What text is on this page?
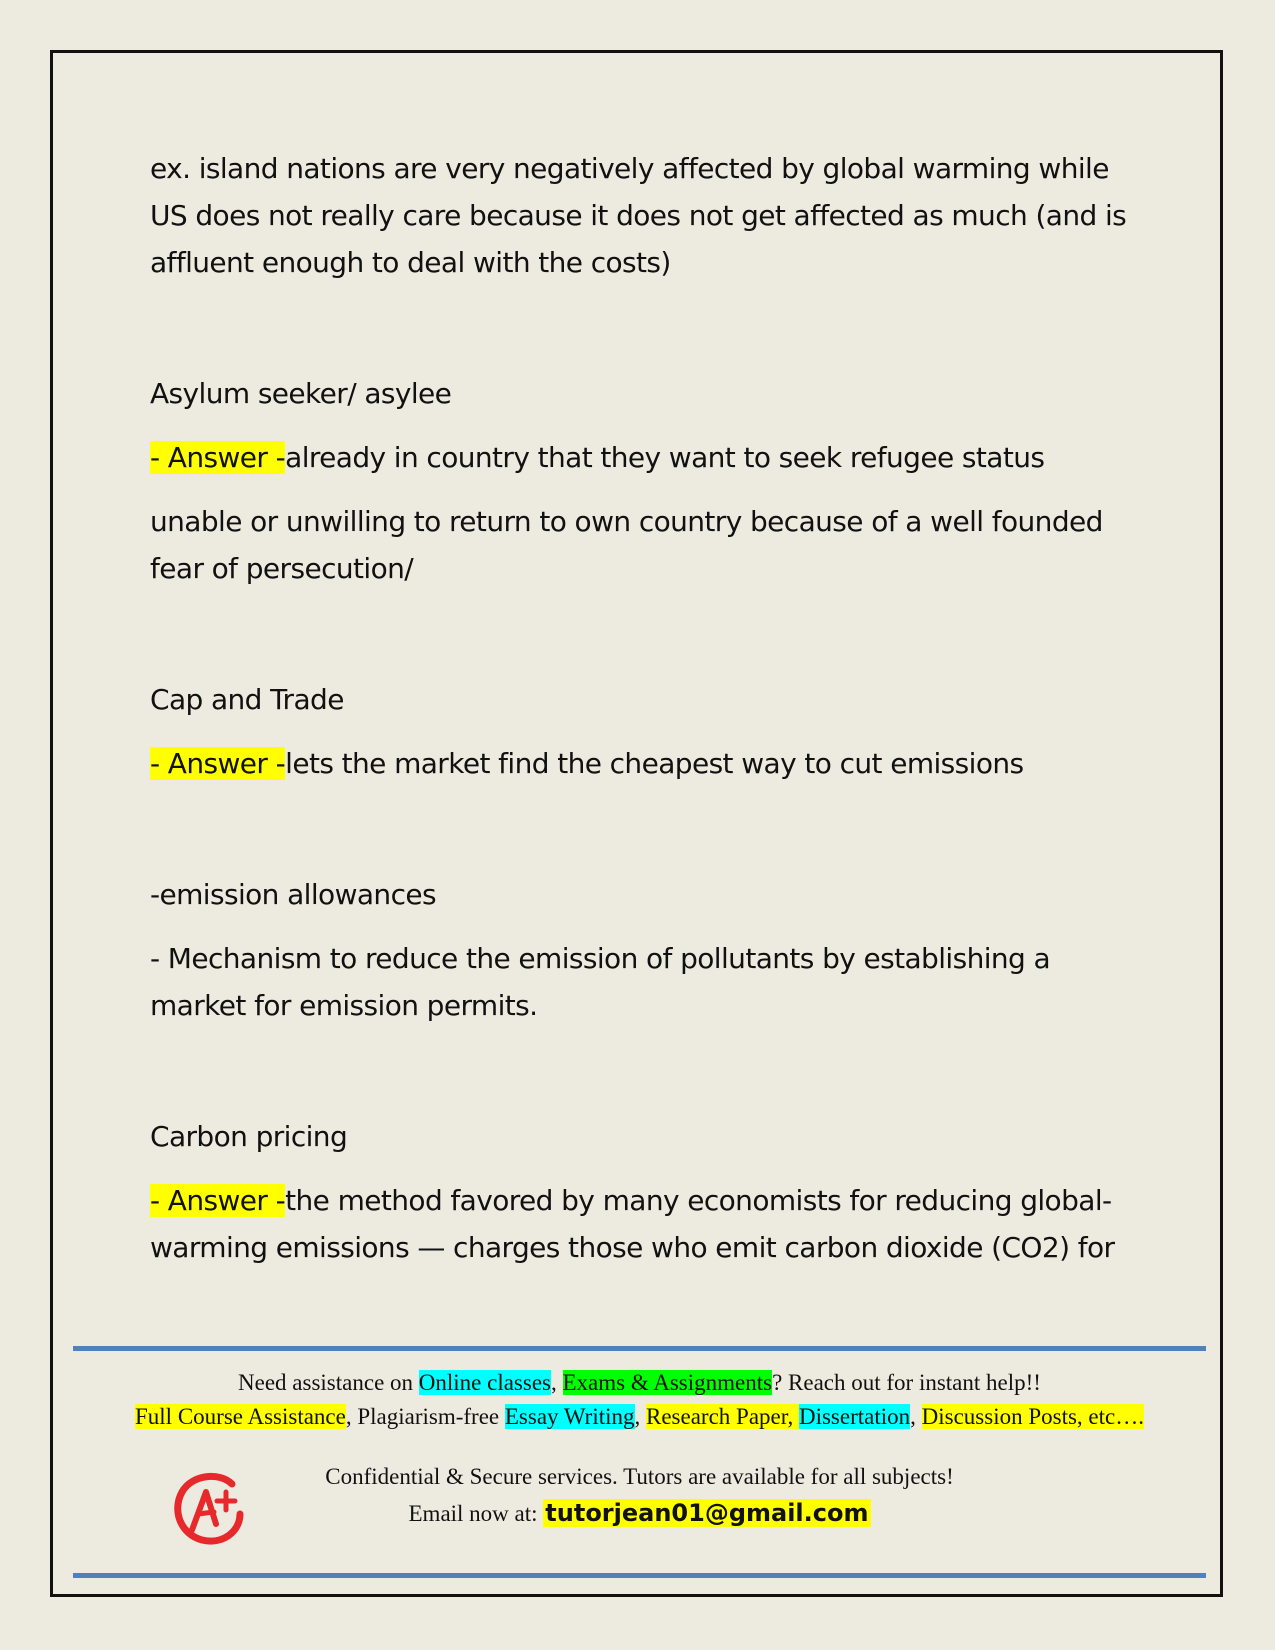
ex. island nations are very negatively affected by global warming while US does not really care because it does not get affected as much (and is affluent enough to deal with the costs)

Asylum seeker/ asylee

- Answer -already in country that they want to seek refugee status

unable or unwilling to return to own country because of a well founded fear of persecution/

Cap and Trade

- Answer -lets the market find the cheapest way to cut emissions

-emission allowances

- Mechanism to reduce the emission of pollutants by establishing a market for emission permits.

Carbon pricing

- Answer -the method favored by many economists for reducing global-warming emissions — charges those who emit carbon dioxide (CO2) for

Need assistance on Online classes, Exams & Assignments? Reach out for instant help!!
Full Course Assistance, Plagiarism-free Essay Writing, Research Paper, Dissertation, Discussion Posts, etc….
Confidential & Secure services. Tutors are available for all subjects!
Email now at: tutorjean01@gmail.com
